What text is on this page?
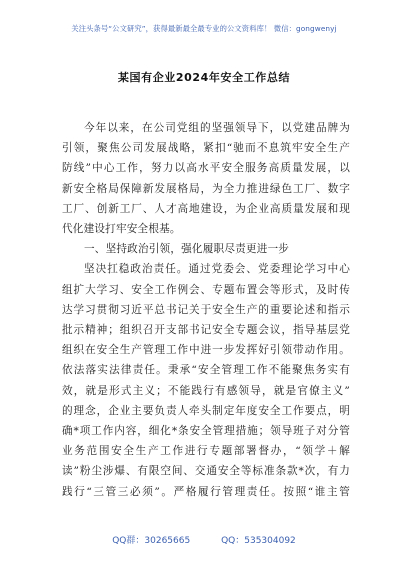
关注头条号“公文研究”，获得最新最全最专业的公文资料库！ 微信：gongwenyj
某国有企业2024年安全工作总结
今年以来，在公司党组的坚强领导下，以党建品牌为
引领，聚焦公司发展战略，紧扣“驰而不息筑牢安全生产
防线”中心工作，努力以高水平安全服务高质量发展，以
新安全格局保障新发展格局，为全力推进绿色工厂、数字
工厂、创新工厂、人才高地建设，为企业高质量发展和现
代化建设打牢安全根基。
一、坚持政治引领，强化履职尽责更进一步
坚决扛稳政治责任。通过党委会、党委理论学习中心
组扩大学习、安全工作例会、专题布置会等形式，及时传
达学习贯彻习近平总书记关于安全生产的重要论述和指示
批示精神；组织召开支部书记安全专题会议，指导基层党
组织在安全生产管理工作中进一步发挥好引领带动作用。
依法落实法律责任。秉承“安全管理工作不能聚焦务实有
效，就是形式主义；不能践行有感领导，就是官僚主义”
的理念，企业主要负责人牵头制定年度安全工作要点，明
确*项工作内容，细化*条安全管理措施；领导班子对分管
业务范围安全生产工作进行专题部署督办，“领学＋解
读”粉尘涉爆、有限空间、交通安全等标准条款*次，有力
践行“三管三必须”。严格履行管理责任。按照“谁主管
QQ群：30265665	QQ：535304092
